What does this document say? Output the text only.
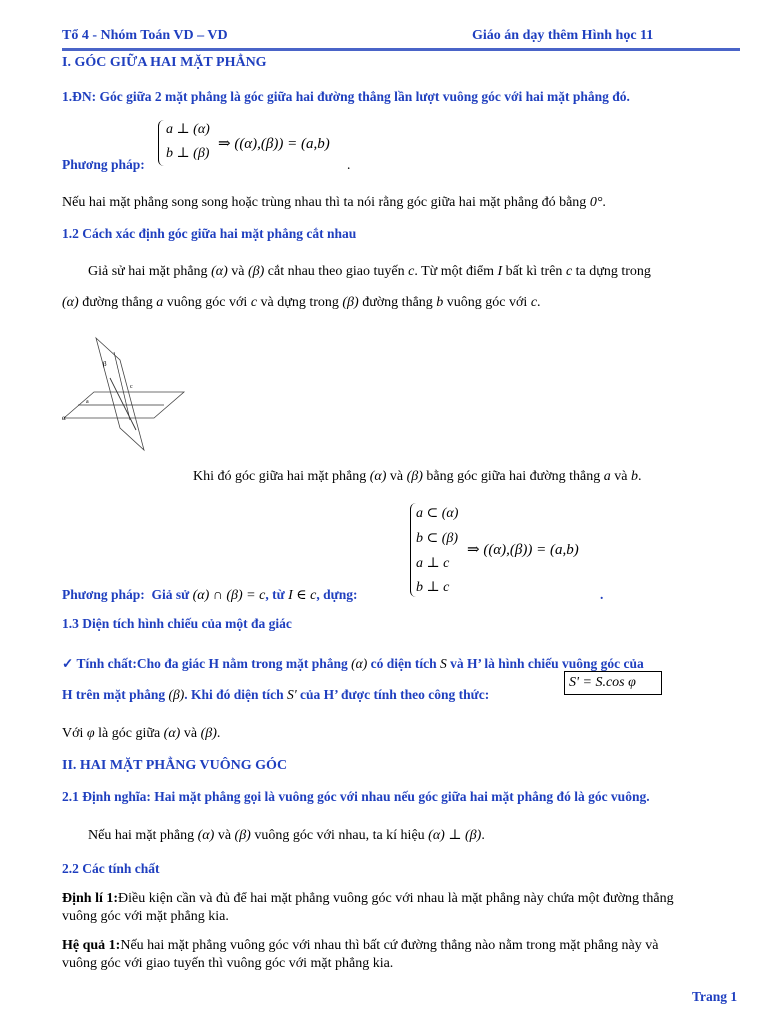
Tổ 4 - Nhóm Toán VD – VD	Giáo án dạy thêm Hình học 11
I. GÓC GIỮA HAI MẶT PHẲNG
1.ĐN: Góc giữa 2 mặt phẳng là góc giữa hai đường thẳng lần lượt vuông góc với hai mặt phẳng đó.
a ⊥ (α)
b ⊥ (β)
⇒ ((α),(β)) = (a,b)
Phương pháp:	.
Nếu hai mặt phẳng song song hoặc trùng nhau thì ta nói rằng góc giữa hai mặt phẳng đó bằng 0°.
1.2 Cách xác định góc giữa hai mặt phẳng cắt nhau
Giả sử hai mặt phẳng (α) và (β) cắt nhau theo giao tuyến c. Từ một điểm I bất kì trên c ta dựng trong
(α) đường thẳng a vuông góc với c và dựng trong (β) đường thẳng b vuông góc với c.
β
α
a
c
Khi đó góc giữa hai mặt phẳng (α) và (β) bằng góc giữa hai đường thẳng a và b.
a ⊂ (α)
b ⊂ (β)
a ⊥ c
b ⊥ c
⇒ ((α),(β)) = (a,b)
Phương pháp: Giả sử (α) ∩ (β) = c, từ I ∈ c, dựng:	.
1.3 Diện tích hình chiếu của một đa giác
✓ Tính chất:Cho đa giác H nằm trong mặt phẳng (α) có diện tích S và H’ là hình chiếu vuông góc của
H trên mặt phẳng (β). Khi đó diện tích S' của H’ được tính theo công thức:
S' = S.cos φ
Với φ là góc giữa (α) và (β).
II. HAI MẶT PHẲNG VUÔNG GÓC
2.1 Định nghĩa: Hai mặt phẳng gọi là vuông góc với nhau nếu góc giữa hai mặt phẳng đó là góc vuông.
Nếu hai mặt phẳng (α) và (β) vuông góc với nhau, ta kí hiệu (α) ⊥ (β).
2.2 Các tính chất
Định lí 1:Điều kiện cần và đủ để hai mặt phẳng vuông góc với nhau là mặt phẳng này chứa một đường thẳng
vuông góc với mặt phẳng kia.
Hệ quả 1:Nếu hai mặt phẳng vuông góc với nhau thì bất cứ đường thẳng nào nằm trong mặt phẳng này và
vuông góc với giao tuyến thì vuông góc với mặt phẳng kia.
Trang 1
